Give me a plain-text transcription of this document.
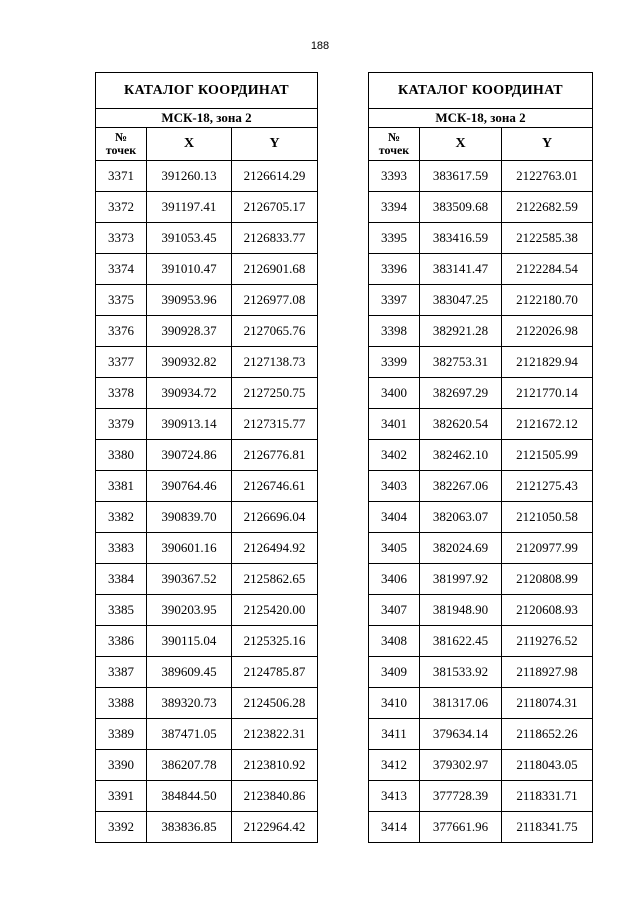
188
КАТАЛОГ КООРДИНАТ		
МСК-18, зона 2		
№
точек	X	Y
3371	391260.13	2126614.29
3372	391197.41	2126705.17
3373	391053.45	2126833.77
3374	391010.47	2126901.68
3375	390953.96	2126977.08
3376	390928.37	2127065.76
3377	390932.82	2127138.73
3378	390934.72	2127250.75
3379	390913.14	2127315.77
3380	390724.86	2126776.81
3381	390764.46	2126746.61
3382	390839.70	2126696.04
3383	390601.16	2126494.92
3384	390367.52	2125862.65
3385	390203.95	2125420.00
3386	390115.04	2125325.16
3387	389609.45	2124785.87
3388	389320.73	2124506.28
3389	387471.05	2123822.31
3390	386207.78	2123810.92
3391	384844.50	2123840.86
3392	383836.85	2122964.42
КАТАЛОГ КООРДИНАТ		
МСК-18, зона 2		
№
точек	X	Y
3393	383617.59	2122763.01
3394	383509.68	2122682.59
3395	383416.59	2122585.38
3396	383141.47	2122284.54
3397	383047.25	2122180.70
3398	382921.28	2122026.98
3399	382753.31	2121829.94
3400	382697.29	2121770.14
3401	382620.54	2121672.12
3402	382462.10	2121505.99
3403	382267.06	2121275.43
3404	382063.07	2121050.58
3405	382024.69	2120977.99
3406	381997.92	2120808.99
3407	381948.90	2120608.93
3408	381622.45	2119276.52
3409	381533.92	2118927.98
3410	381317.06	2118074.31
3411	379634.14	2118652.26
3412	379302.97	2118043.05
3413	377728.39	2118331.71
3414	377661.96	2118341.75
